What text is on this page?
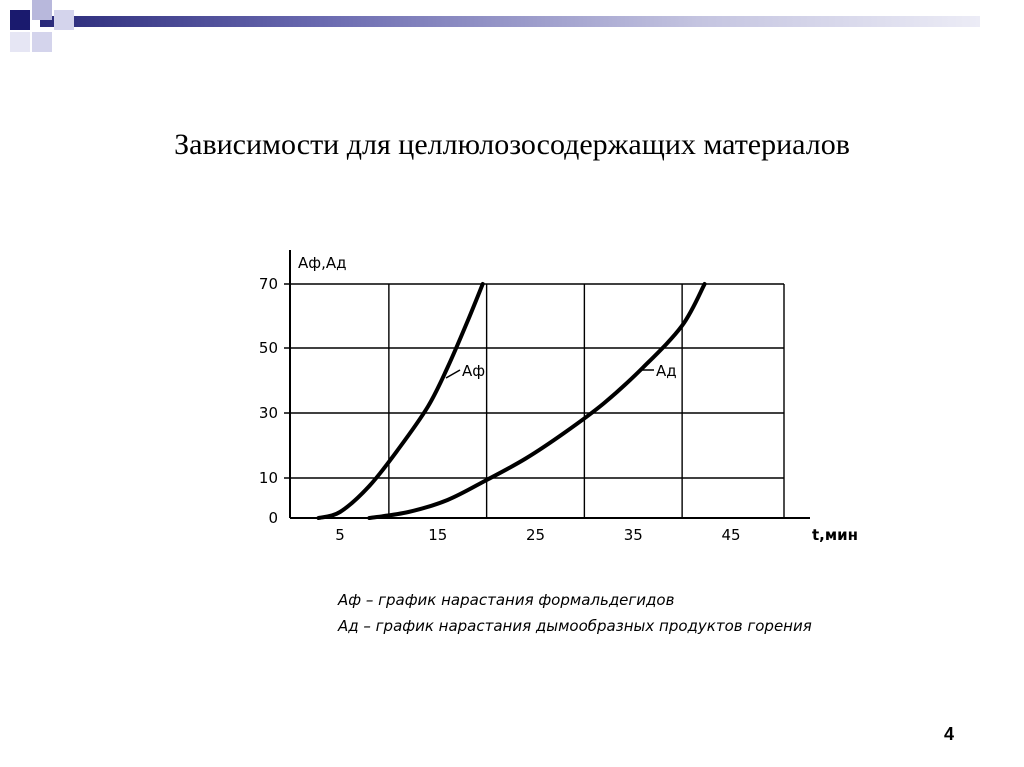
Зависимости для целлюлозосодержащих материалов
0
10
30
50
70
5	15	25	35	45
Аф	Ад
Аф,Ад
t,мин
Аф – график нарастания формальдегидов
Ад – график нарастания дымообразных продуктов горения
4
